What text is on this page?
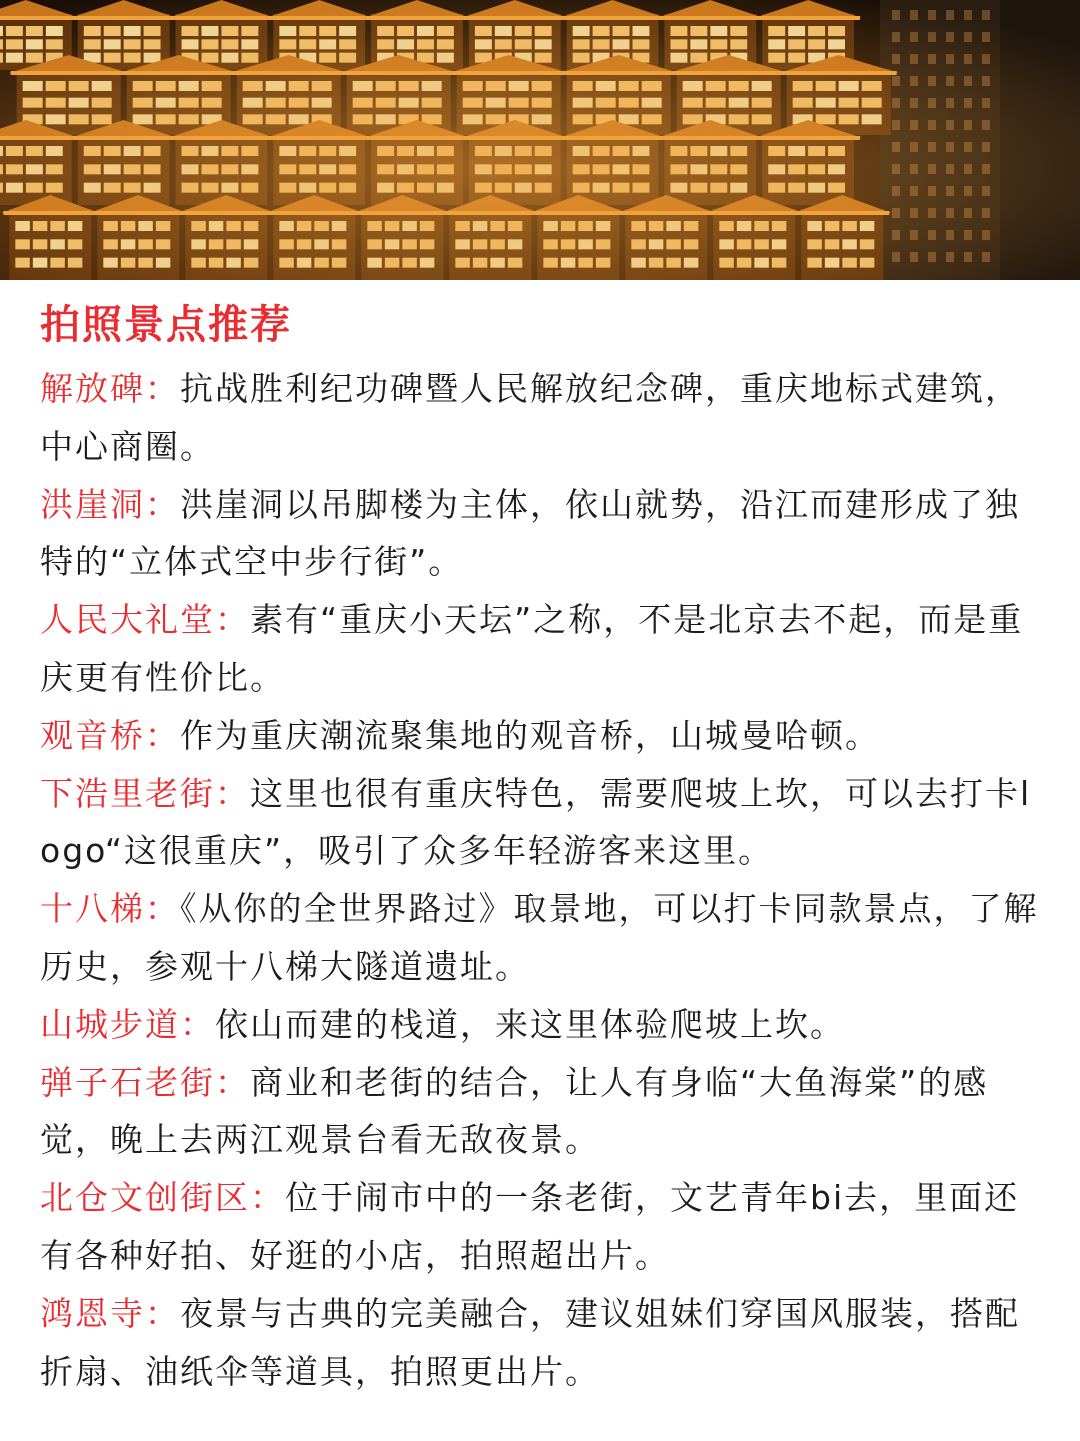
拍照景点推荐

解放碑：抗战胜利纪功碑暨人民解放纪念碑，重庆地标式建筑，中心商圈。

洪崖洞：洪崖洞以吊脚楼为主体，依山就势，沿江而建形成了独特的“立体式空中步行街”。

人民大礼堂：素有“重庆小天坛”之称，不是北京去不起，而是重庆更有性价比。

观音桥：作为重庆潮流聚集地的观音桥，山城曼哈顿。

下浩里老街：这里也很有重庆特色，需要爬坡上坎，可以去打卡logo“这很重庆”，吸引了众多年轻游客来这里。

十八梯：《从你的全世界路过》取景地，可以打卡同款景点，了解历史，参观十八梯大隧道遗址。

山城步道：依山而建的栈道，来这里体验爬坡上坎。

弹子石老街：商业和老街的结合，让人有身临“大鱼海棠”的感觉，晚上去两江观景台看无敌夜景。

北仓文创街区：位于闹市中的一条老街，文艺青年bi去，里面还有各种好拍、好逛的小店，拍照超出片。

鸿恩寺：夜景与古典的完美融合，建议姐妹们穿国风服装，搭配折扇、油纸伞等道具，拍照更出片。
